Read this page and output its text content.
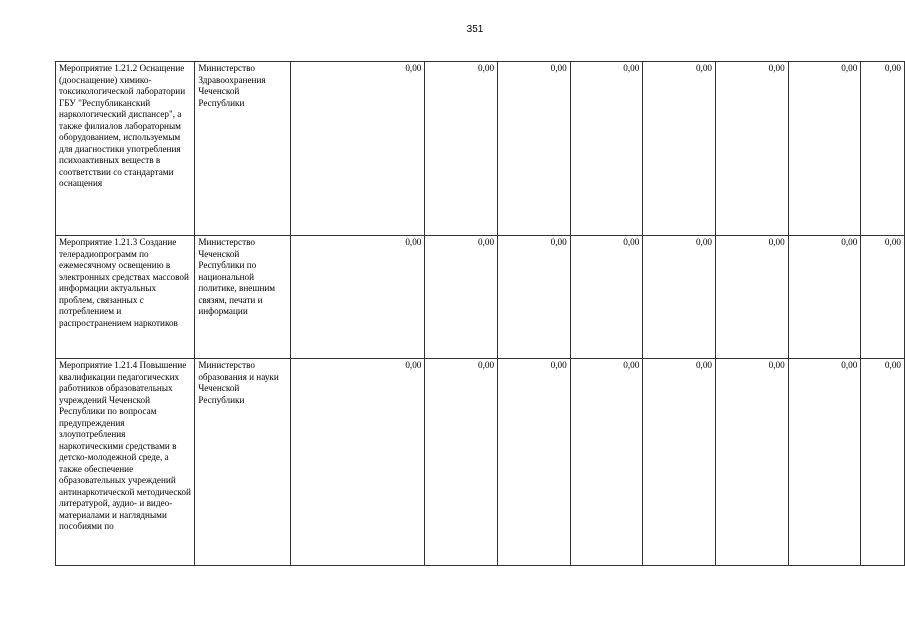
351
Мероприятие 1.21.2 Оснащение (дооснащение) химико-токсикологической лаборатории ГБУ "Республиканский наркологический диспансер", а также филиалов лабораторным оборудованием, используемым для диагностики употребления психоактивных веществ в соответствии со стандартами оснащения	Министерство Здравоохранения Чеченской Республики	0,00	0,00	0,00	0,00	0,00	0,00	0,00	0,00
Мероприятие 1.21.3 Создание телерадиопрограмм по ежемесячному освещению в электронных средствах массовой информации актуальных проблем, связанных с потреблением и распространением наркотиков	Министерство Чеченской Республики по национальной политике, внешним связям, печати и информации	0,00	0,00	0,00	0,00	0,00	0,00	0,00	0,00
Мероприятие 1.21.4 Повышение квалификации педагогических работников образовательных учреждений Чеченской Республики по вопросам предупреждения злоупотребления наркотическими средствами в детско-молодежной среде, а также обеспечение образовательных учреждений антинаркотической методической литературой, аудио- и видео-материалами и наглядными пособиями по	Министерство образования и науки Чеченской Республики	0,00	0,00	0,00	0,00	0,00	0,00	0,00	0,00
